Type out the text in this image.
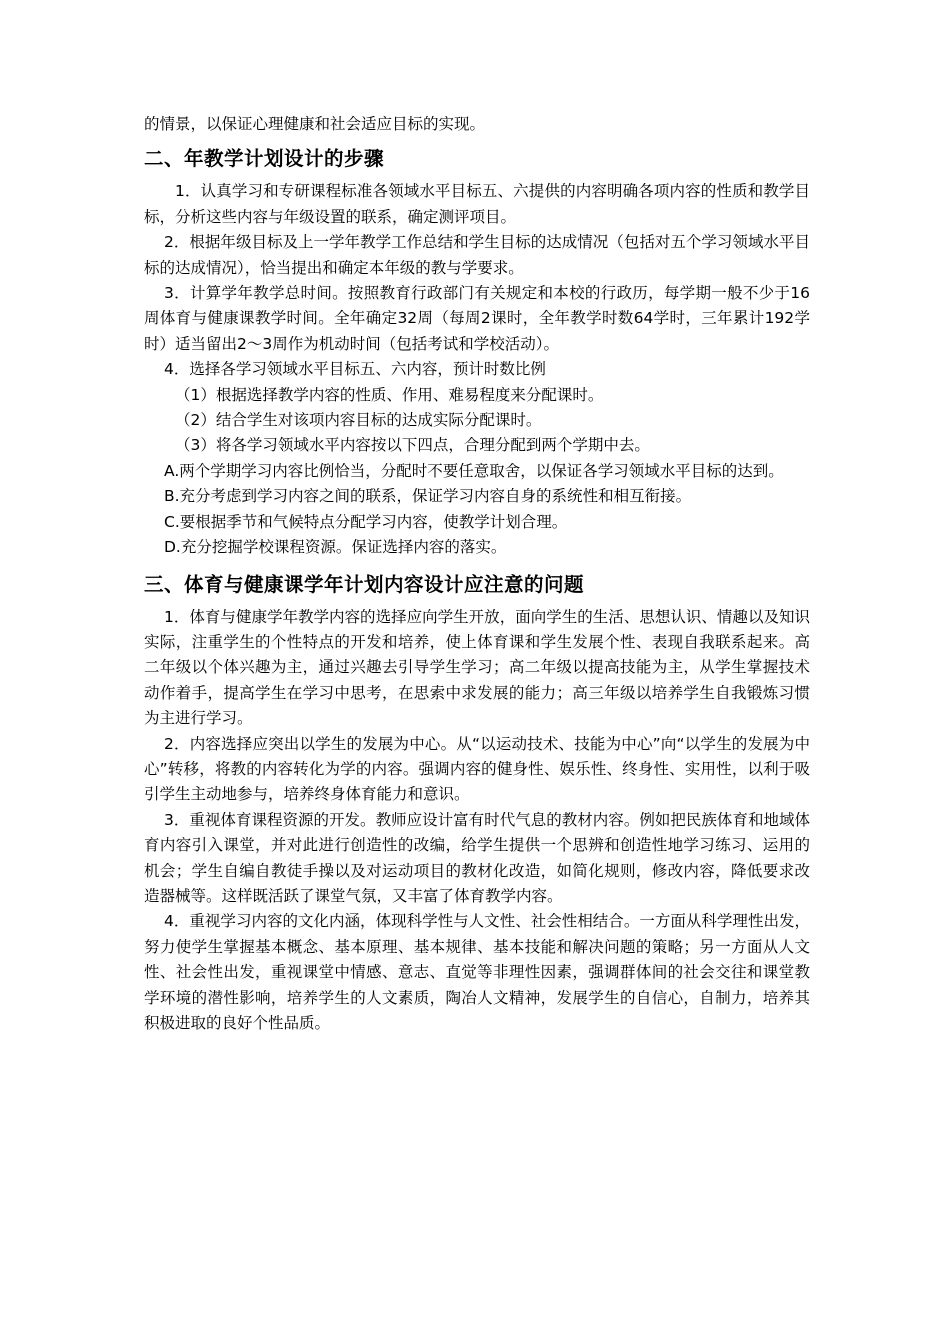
的情景，以保证心理健康和社会适应目标的实现。

二、年教学计划设计的步骤

1．认真学习和专研课程标准各领域水平目标五、六提供的内容明确各项内容的性质和教学目标，分析这些内容与年级设置的联系，确定测评项目。

2．根据年级目标及上一学年教学工作总结和学生目标的达成情况（包括对五个学习领域水平目标的达成情况），恰当提出和确定本年级的教与学要求。

3．计算学年教学总时间。按照教育行政部门有关规定和本校的行政历，每学期一般不少于16周体育与健康课教学时间。全年确定32周（每周2课时，全年教学时数64学时，三年累计192学时）适当留出2～3周作为机动时间（包括考试和学校活动）。

4．选择各学习领域水平目标五、六内容，预计时数比例

（1）根据选择教学内容的性质、作用、难易程度来分配课时。

（2）结合学生对该项内容目标的达成实际分配课时。

（3）将各学习领域水平内容按以下四点，合理分配到两个学期中去。

A.两个学期学习内容比例恰当，分配时不要任意取舍，以保证各学习领域水平目标的达到。

B.充分考虑到学习内容之间的联系，保证学习内容自身的系统性和相互衔接。

C.要根据季节和气候特点分配学习内容，使教学计划合理。

D.充分挖掘学校课程资源。保证选择内容的落实。

三、体育与健康课学年计划内容设计应注意的问题

1．体育与健康学年教学内容的选择应向学生开放，面向学生的生活、思想认识、情趣以及知识实际，注重学生的个性特点的开发和培养，使上体育课和学生发展个性、表现自我联系起来。高二年级以个体兴趣为主，通过兴趣去引导学生学习；高二年级以提高技能为主，从学生掌握技术动作着手，提高学生在学习中思考，在思索中求发展的能力；高三年级以培养学生自我锻炼习惯为主进行学习。

2．内容选择应突出以学生的发展为中心。从“以运动技术、技能为中心”向“以学生的发展为中心”转移，将教的内容转化为学的内容。强调内容的健身性、娱乐性、终身性、实用性，以利于吸引学生主动地参与，培养终身体育能力和意识。

3．重视体育课程资源的开发。教师应设计富有时代气息的教材内容。例如把民族体育和地域体育内容引入课堂，并对此进行创造性的改编，给学生提供一个思辨和创造性地学习练习、运用的机会；学生自编自教徒手操以及对运动项目的教材化改造，如简化规则，修改内容，降低要求改造器械等。这样既活跃了课堂气氛，又丰富了体育教学内容。

4．重视学习内容的文化内涵，体现科学性与人文性、社会性相结合。一方面从科学理性出发，努力使学生掌握基本概念、基本原理、基本规律、基本技能和解决问题的策略；另一方面从人文性、社会性出发，重视课堂中情感、意志、直觉等非理性因素，强调群体间的社会交往和课堂教学环境的潜性影响，培养学生的人文素质，陶冶人文精神，发展学生的自信心，自制力，培养其积极进取的良好个性品质。
